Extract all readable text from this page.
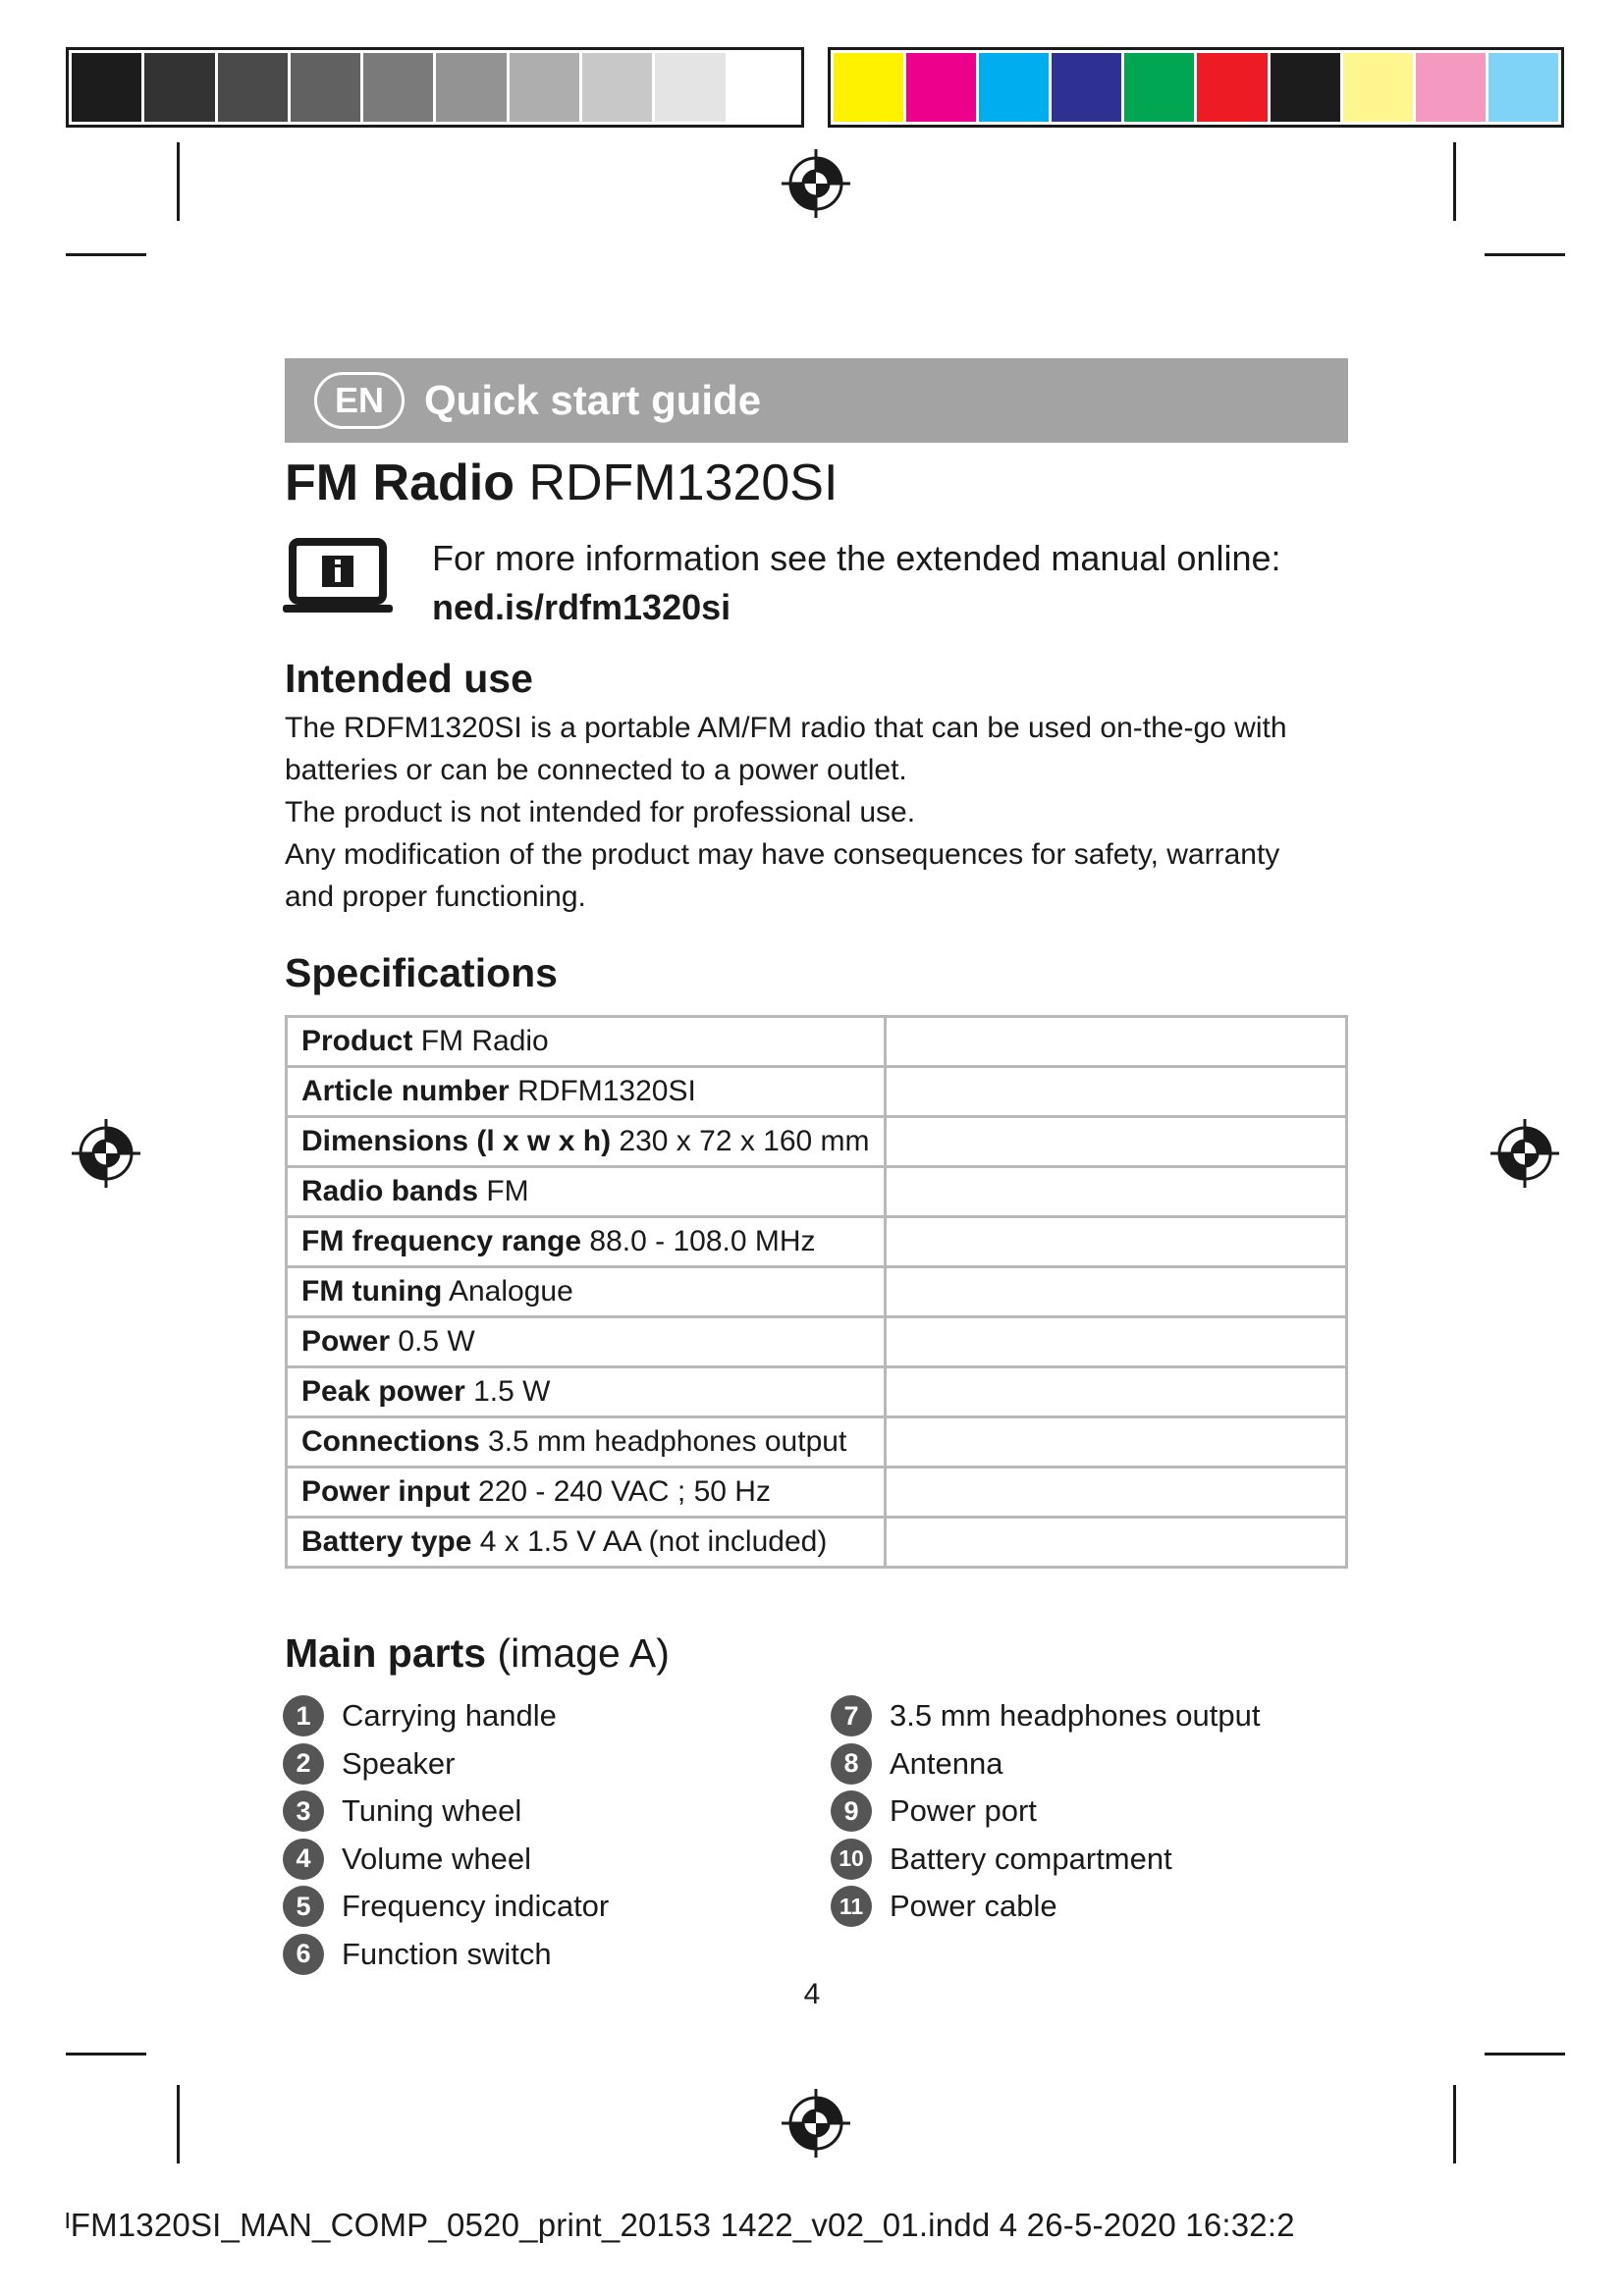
EN Quick start guide
FM Radio RDFM1320SI
For more information see the extended manual online:
ned.is/rdfm1320si
Intended use

The RDFM1320SI is a portable AM/FM radio that can be used on-the-go with batteries or can be connected to a power outlet.

The product is not intended for professional use.

Any modification of the product may have consequences for safety, warranty and proper functioning.

Specifications
Product FM Radio	
Article number RDFM1320SI	
Dimensions (l x w x h) 230 x 72 x 160 mm	
Radio bands FM	
FM frequency range 88.0 - 108.0 MHz	
FM tuning Analogue	
Power 0.5 W	
Peak power 1.5 W	
Connections 3.5 mm headphones output	
Power input 220 - 240 VAC ; 50 Hz	
Battery type 4 x 1.5 V AA (not included)	
Main parts (image A)
1	Carrying handle
2	Speaker
3	Tuning wheel
4	Volume wheel
5	Frequency indicator
6	Function switch
7	3.5 mm headphones output
8	Antenna
9	Power port
10 Battery compartment
11 Power cable
4
ᴵFM1320SI_MAN_COMP_0520_print_20153 1422_v02_01.indd 4 26-5-2020 16:32:2
